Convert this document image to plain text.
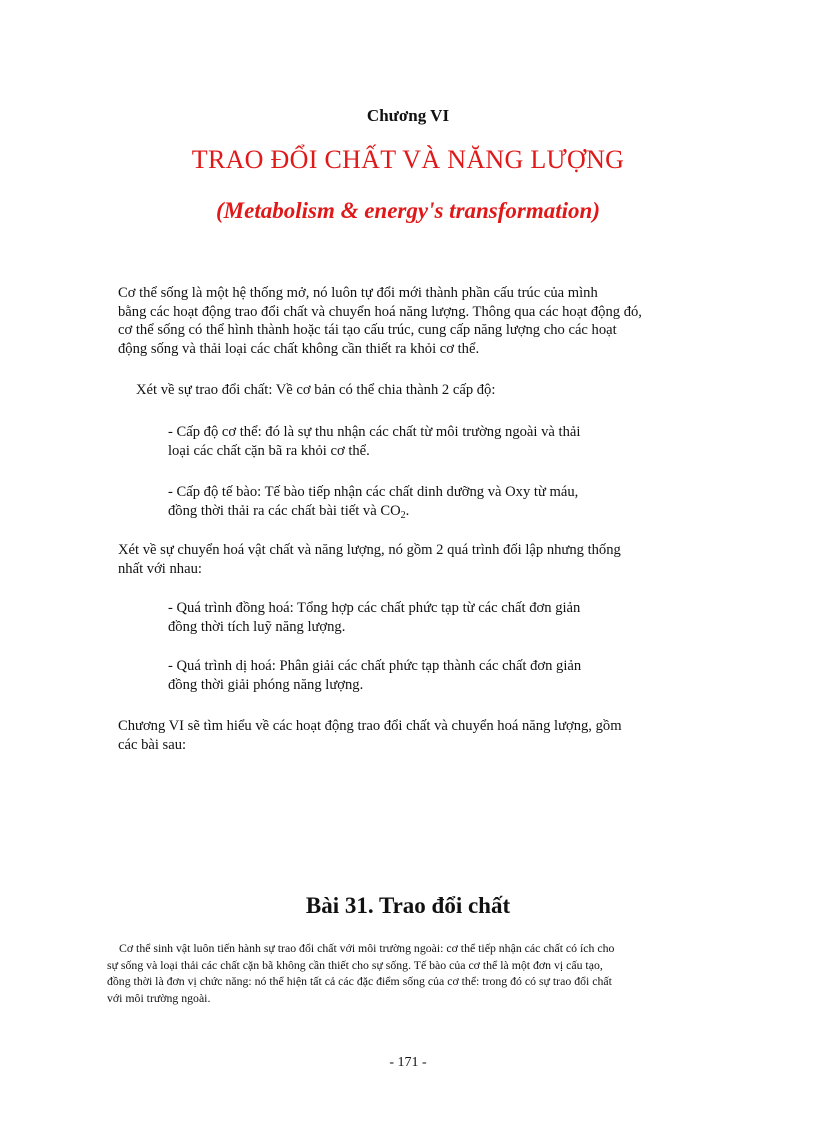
Chương VI
TRAO ĐỔI CHẤT VÀ NĂNG LƯỢNG
(Metabolism & energy's transformation)

Cơ thể sống là một hệ thống mở, nó luôn tự đổi mới thành phần cấu trúc của mình
bằng các hoạt động trao đổi chất và chuyển hoá năng lượng. Thông qua các hoạt động đó,
cơ thể sống có thể hình thành hoặc tái tạo cấu trúc, cung cấp năng lượng cho các hoạt
động sống và thải loại các chất không cần thiết ra khỏi cơ thể.

Xét về sự trao đổi chất: Về cơ bản có thể chia thành 2 cấp độ:

- Cấp độ cơ thể: đó là sự thu nhận các chất từ môi trường ngoài và thải
loại các chất cặn bã ra khỏi cơ thể.

- Cấp độ tế bào: Tế bào tiếp nhận các chất dinh dưỡng và Oxy từ máu,
đồng thời thải ra các chất bài tiết và $CO_2$.

Xét về sự chuyển hoá vật chất và năng lượng, nó gồm 2 quá trình đối lập nhưng thống
nhất với nhau:

- Quá trình đồng hoá: Tổng hợp các chất phức tạp từ các chất đơn giản
đồng thời tích luỹ năng lượng.

- Quá trình dị hoá: Phân giải các chất phức tạp thành các chất đơn giản
đồng thời giải phóng năng lượng.

Chương VI sẽ tìm hiểu về các hoạt động trao đổi chất và chuyển hoá năng lượng, gồm
các bài sau:

Bài 31. Trao đổi chất
Cơ thể sinh vật luôn tiến hành sự trao đổi chất với môi trường ngoài: cơ thể tiếp nhận các chất có ích cho
sự sống và loại thải các chất cặn bã không cần thiết cho sự sống. Tế bào của cơ thể là một đơn vị cấu tạo,
đồng thời là đơn vị chức năng: nó thể hiện tất cả các đặc điểm sống của cơ thể: trong đó có sự trao đổi chất
với môi trường ngoài.
- 171 -
